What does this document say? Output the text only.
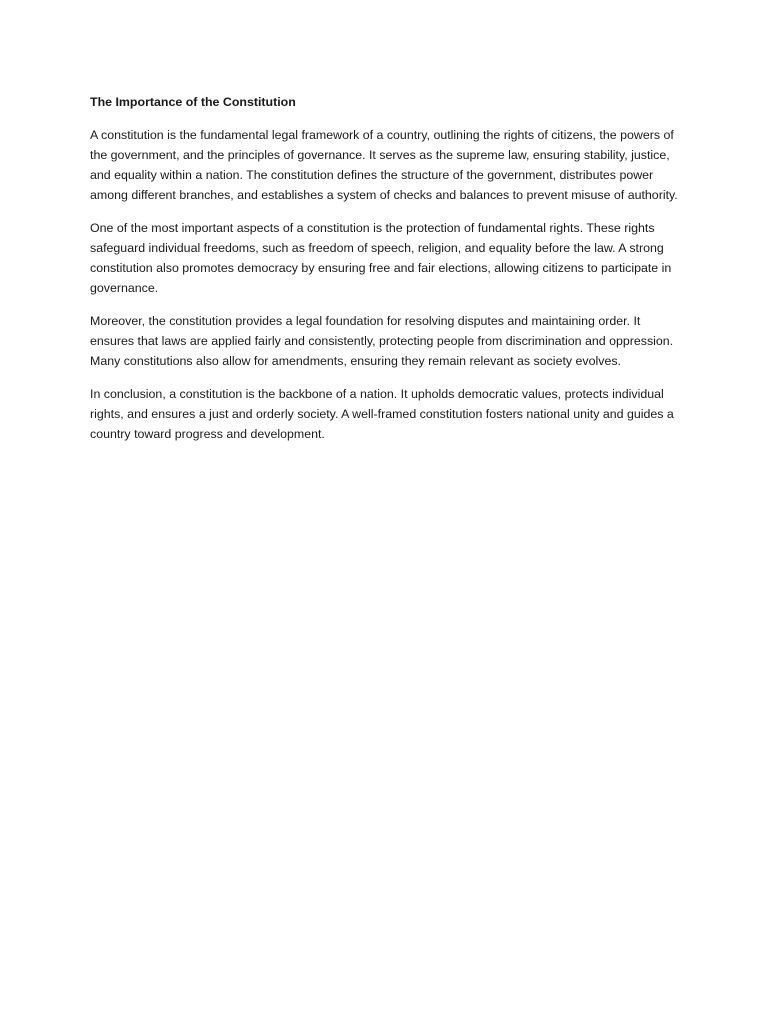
The Importance of the Constitution

A constitution is the fundamental legal framework of a country, outlining the rights of citizens, the powers of the government, and the principles of governance. It serves as the supreme law, ensuring stability, justice, and equality within a nation. The constitution defines the structure of the government, distributes power among different branches, and establishes a system of checks and balances to prevent misuse of authority.

One of the most important aspects of a constitution is the protection of fundamental rights. These rights safeguard individual freedoms, such as freedom of speech, religion, and equality before the law. A strong constitution also promotes democracy by ensuring free and fair elections, allowing citizens to participate in governance.

Moreover, the constitution provides a legal foundation for resolving disputes and maintaining order. It ensures that laws are applied fairly and consistently, protecting people from discrimination and oppression. Many constitutions also allow for amendments, ensuring they remain relevant as society evolves.

In conclusion, a constitution is the backbone of a nation. It upholds democratic values, protects individual rights, and ensures a just and orderly society. A well-framed constitution fosters national unity and guides a country toward progress and development.
